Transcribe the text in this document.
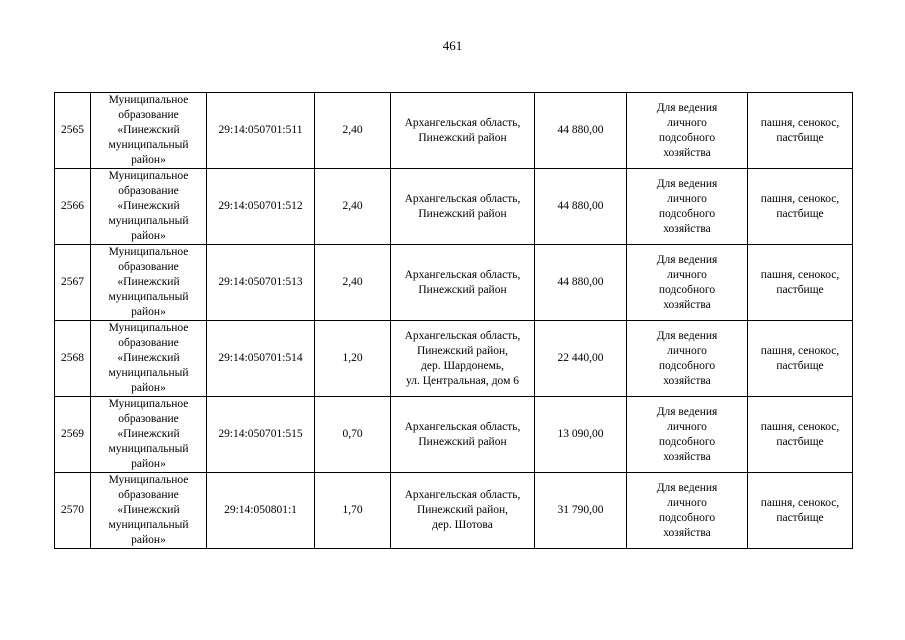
461
2565	Муниципальное
образование
«Пинежский
муниципальный
район»	29:14:050701:511	2,40	Архангельская область,
Пинежский район	44 880,00	Для ведения
личного
подсобного
хозяйства	пашня, сенокос,
пастбище
2566	Муниципальное
образование
«Пинежский
муниципальный
район»	29:14:050701:512	2,40	Архангельская область,
Пинежский район	44 880,00	Для ведения
личного
подсобного
хозяйства	пашня, сенокос,
пастбище
2567	Муниципальное
образование
«Пинежский
муниципальный
район»	29:14:050701:513	2,40	Архангельская область,
Пинежский район	44 880,00	Для ведения
личного
подсобного
хозяйства	пашня, сенокос,
пастбище
2568	Муниципальное
образование
«Пинежский
муниципальный
район»	29:14:050701:514	1,20	Архангельская область,
Пинежский район,
дер. Шардонемь,
ул. Центральная, дом 6	22 440,00	Для ведения
личного
подсобного
хозяйства	пашня, сенокос,
пастбище
2569	Муниципальное
образование
«Пинежский
муниципальный
район»	29:14:050701:515	0,70	Архангельская область,
Пинежский район	13 090,00	Для ведения
личного
подсобного
хозяйства	пашня, сенокос,
пастбище
2570	Муниципальное
образование
«Пинежский
муниципальный
район»	29:14:050801:1	1,70	Архангельская область,
Пинежский район,
дер. Шотова	31 790,00	Для ведения
личного
подсобного
хозяйства	пашня, сенокос,
пастбище
